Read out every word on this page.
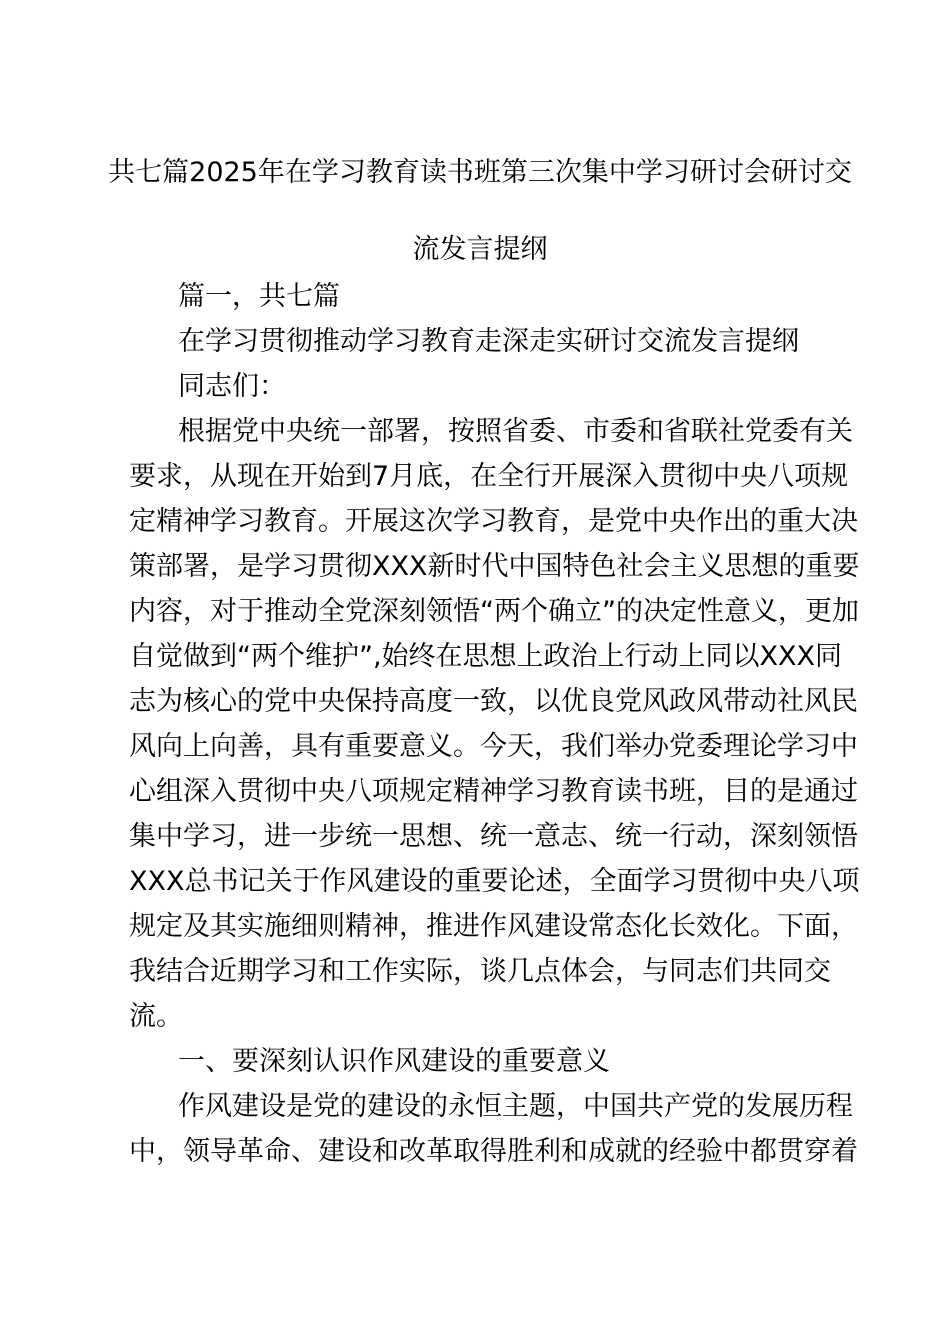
共七篇2025年在学习教育读书班第三次集中学习研讨会研讨交
流发言提纲
篇一，共七篇
在学习贯彻推动学习教育走深走实研讨交流发言提纲
同志们：
根据党中央统一部署，按照省委、市委和省联社党委有关
要求，从现在开始到7月底，在全行开展深入贯彻中央八项规
定精神学习教育。开展这次学习教育，是党中央作出的重大决
策部署，是学习贯彻XXX新时代中国特色社会主义思想的重要
内容，对于推动全党深刻领悟“两个确立”的决定性意义，更加
自觉做到“两个维护”,始终在思想上政治上行动上同以XXX同
志为核心的党中央保持高度一致，以优良党风政风带动社风民
风向上向善，具有重要意义。今天，我们举办党委理论学习中
心组深入贯彻中央八项规定精神学习教育读书班，目的是通过
集中学习，进一步统一思想、统一意志、统一行动，深刻领悟
XXX总书记关于作风建设的重要论述，全面学习贯彻中央八项
规定及其实施细则精神，推进作风建设常态化长效化。下面，
我结合近期学习和工作实际，谈几点体会，与同志们共同交
流。
一、要深刻认识作风建设的重要意义
作风建设是党的建设的永恒主题，中国共产党的发展历程
中，领导革命、建设和改革取得胜利和成就的经验中都贯穿着
